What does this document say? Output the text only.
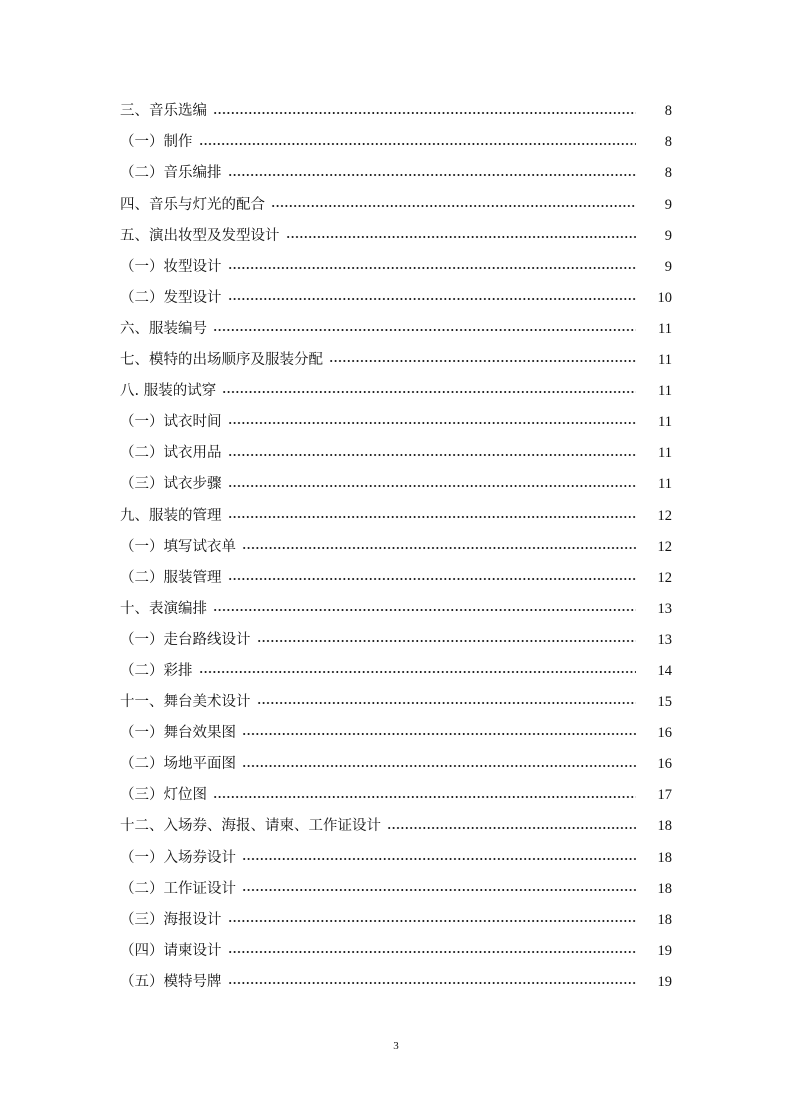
三、音乐选编	8
（一）制作	8
（二）音乐编排	8
四、音乐与灯光的配合	9
五、演出妆型及发型设计	9
（一）妆型设计	9
（二）发型设计	10
六、服装编号	11
七、模特的出场顺序及服装分配	11
八. 服装的试穿	11
（一）试衣时间	11
（二）试衣用品	11
（三）试衣步骤	11
九、服装的管理	12
（一）填写试衣单	12
（二）服装管理	12
十、表演编排	13
（一）走台路线设计	13
（二）彩排	14
十一、舞台美术设计	15
（一）舞台效果图	16
（二）场地平面图	16
（三）灯位图	17
十二、入场券、海报、请柬、工作证设计	18
（一）入场券设计	18
（二）工作证设计	18
（三）海报设计	18
（四）请柬设计	19
（五）模特号牌	19
3
